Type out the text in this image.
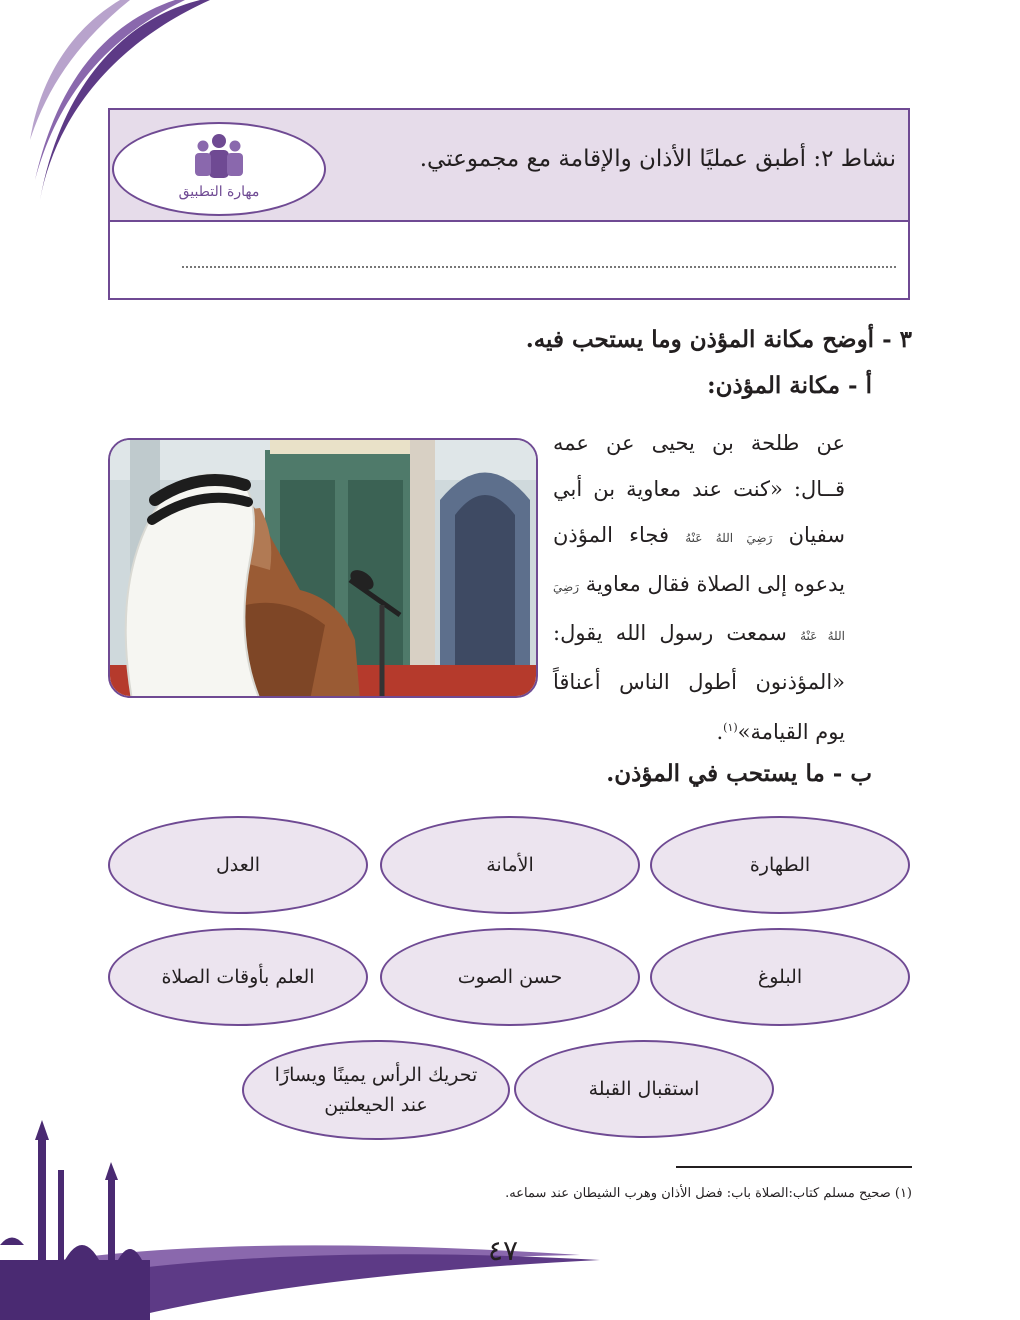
نشاط ٢: أطبق عمليًا الأذان والإقامة مع مجموعتي.
مهارة التطبيق
٣ - أوضح مكانة المؤذن وما يستحب فيه.
أ - مكانة المؤذن:
عن طلحة بن يحيى عن عمه قــال: «كنت عند معاوية بن أبي سفيان رَضِيَ اللهُ عَنْهُ فجاء المؤذن يدعوه إلى الصلاة فقال معاوية رَضِيَ اللهُ عَنْهُ سمعت رسول الله يقول: «المؤذنون أطول الناس أعناقاً يوم القيامة»$^{(١)}$.
ب - ما يستحب في المؤذن.
الطهارة
الأمانة
العدل
البلوغ
حسن الصوت
العلم بأوقات الصلاة
استقبال القبلة
تحريك الرأس يمينًا ويسارًا
عند الحيعلتين
(١) صحيح مسلم كتاب:الصلاة باب: فضل الأذان وهرب الشيطان عند سماعه.
٤٧
